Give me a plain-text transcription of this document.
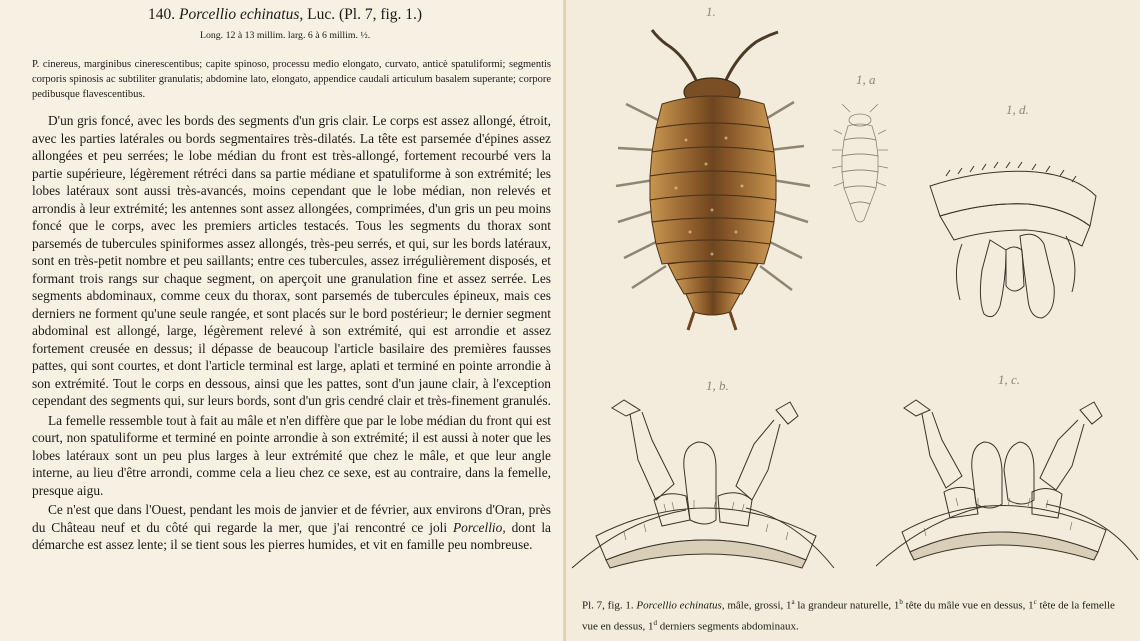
140. Porcellio echinatus, Luc. (Pl. 7, fig. 1.)
Long. 12 à 13 millim. larg. 6 à 6 millim. ½.
P. cinereus, marginibus cinerescentibus; capite spinoso, processu medio elongato, curvato, anticè spatuliformi; segmentis corporis spinosis ac subtiliter granulatis; abdomine lato, elongato, appendice caudali articulum basalem superante; corpore pedibusque flavescentibus.

D'un gris foncé, avec les bords des segments d'un gris clair. Le corps est assez allongé, étroit, avec les parties latérales ou bords segmentaires très-dilatés. La tête est parsemée d'épines assez allongées et peu serrées; le lobe médian du front est très-allongé, fortement recourbé vers la partie supérieure, légèrement rétréci dans sa partie médiane et spatuliforme à son extrémité; les lobes latéraux sont aussi très-avancés, moins cependant que le lobe médian, non relevés et arrondis à leur extrémité; les antennes sont assez allongées, comprimées, d'un gris un peu moins foncé que le corps, avec les premiers articles testacés. Tous les segments du thorax sont parsemés de tubercules spiniformes assez allongés, très-peu serrés, et qui, sur les bords latéraux, sont en très-petit nombre et peu saillants; entre ces tubercules, assez irrégulièrement disposés, et formant trois rangs sur chaque segment, on aperçoit une granulation fine et assez serrée. Les segments abdominaux, comme ceux du thorax, sont parsemés de tubercules épineux, mais ces derniers ne forment qu'une seule rangée, et sont placés sur le bord postérieur; le dernier segment abdominal est allongé, large, légèrement relevé à son extrémité, qui est arrondie et assez fortement creusée en dessus; il dépasse de beaucoup l'article basilaire des premières fausses pattes, qui sont courtes, et dont l'article terminal est large, aplati et terminé en pointe arrondie à son extrémité. Tout le corps en dessous, ainsi que les pattes, sont d'un jaune clair, à l'exception cependant des segments qui, sur leurs bords, sont d'un gris cendré clair et très-finement granulés.

La femelle ressemble tout à fait au mâle et n'en diffère que par le lobe médian du front qui est court, non spatuliforme et terminé en pointe arrondie à son extrémité; il est aussi à noter que les lobes latéraux sont un peu plus larges à leur extrémité que chez le mâle, et que leur angle interne, au lieu d'être arrondi, comme cela a lieu chez ce sexe, est au contraire, dans la femelle, presque aigu.

Ce n'est que dans l'Ouest, pendant les mois de janvier et de février, aux environs d'Oran, près du Château neuf et du côté qui regarde la mer, que j'ai rencontré ce joli Porcellio, dont la démarche est assez lente; il se tient sous les pierres humides, et vit en famille peu nombreuse.

1.
1, a
1, d.
1, b.	1, c.
Pl. 7, fig. 1. Porcellio echinatus, mâle, grossi, 1$^a$ la grandeur naturelle, 1$^b$ tête du mâle vue en dessus, 1$^c$ tête de la femelle vue en dessus, 1$^d$ derniers segments abdominaux.
